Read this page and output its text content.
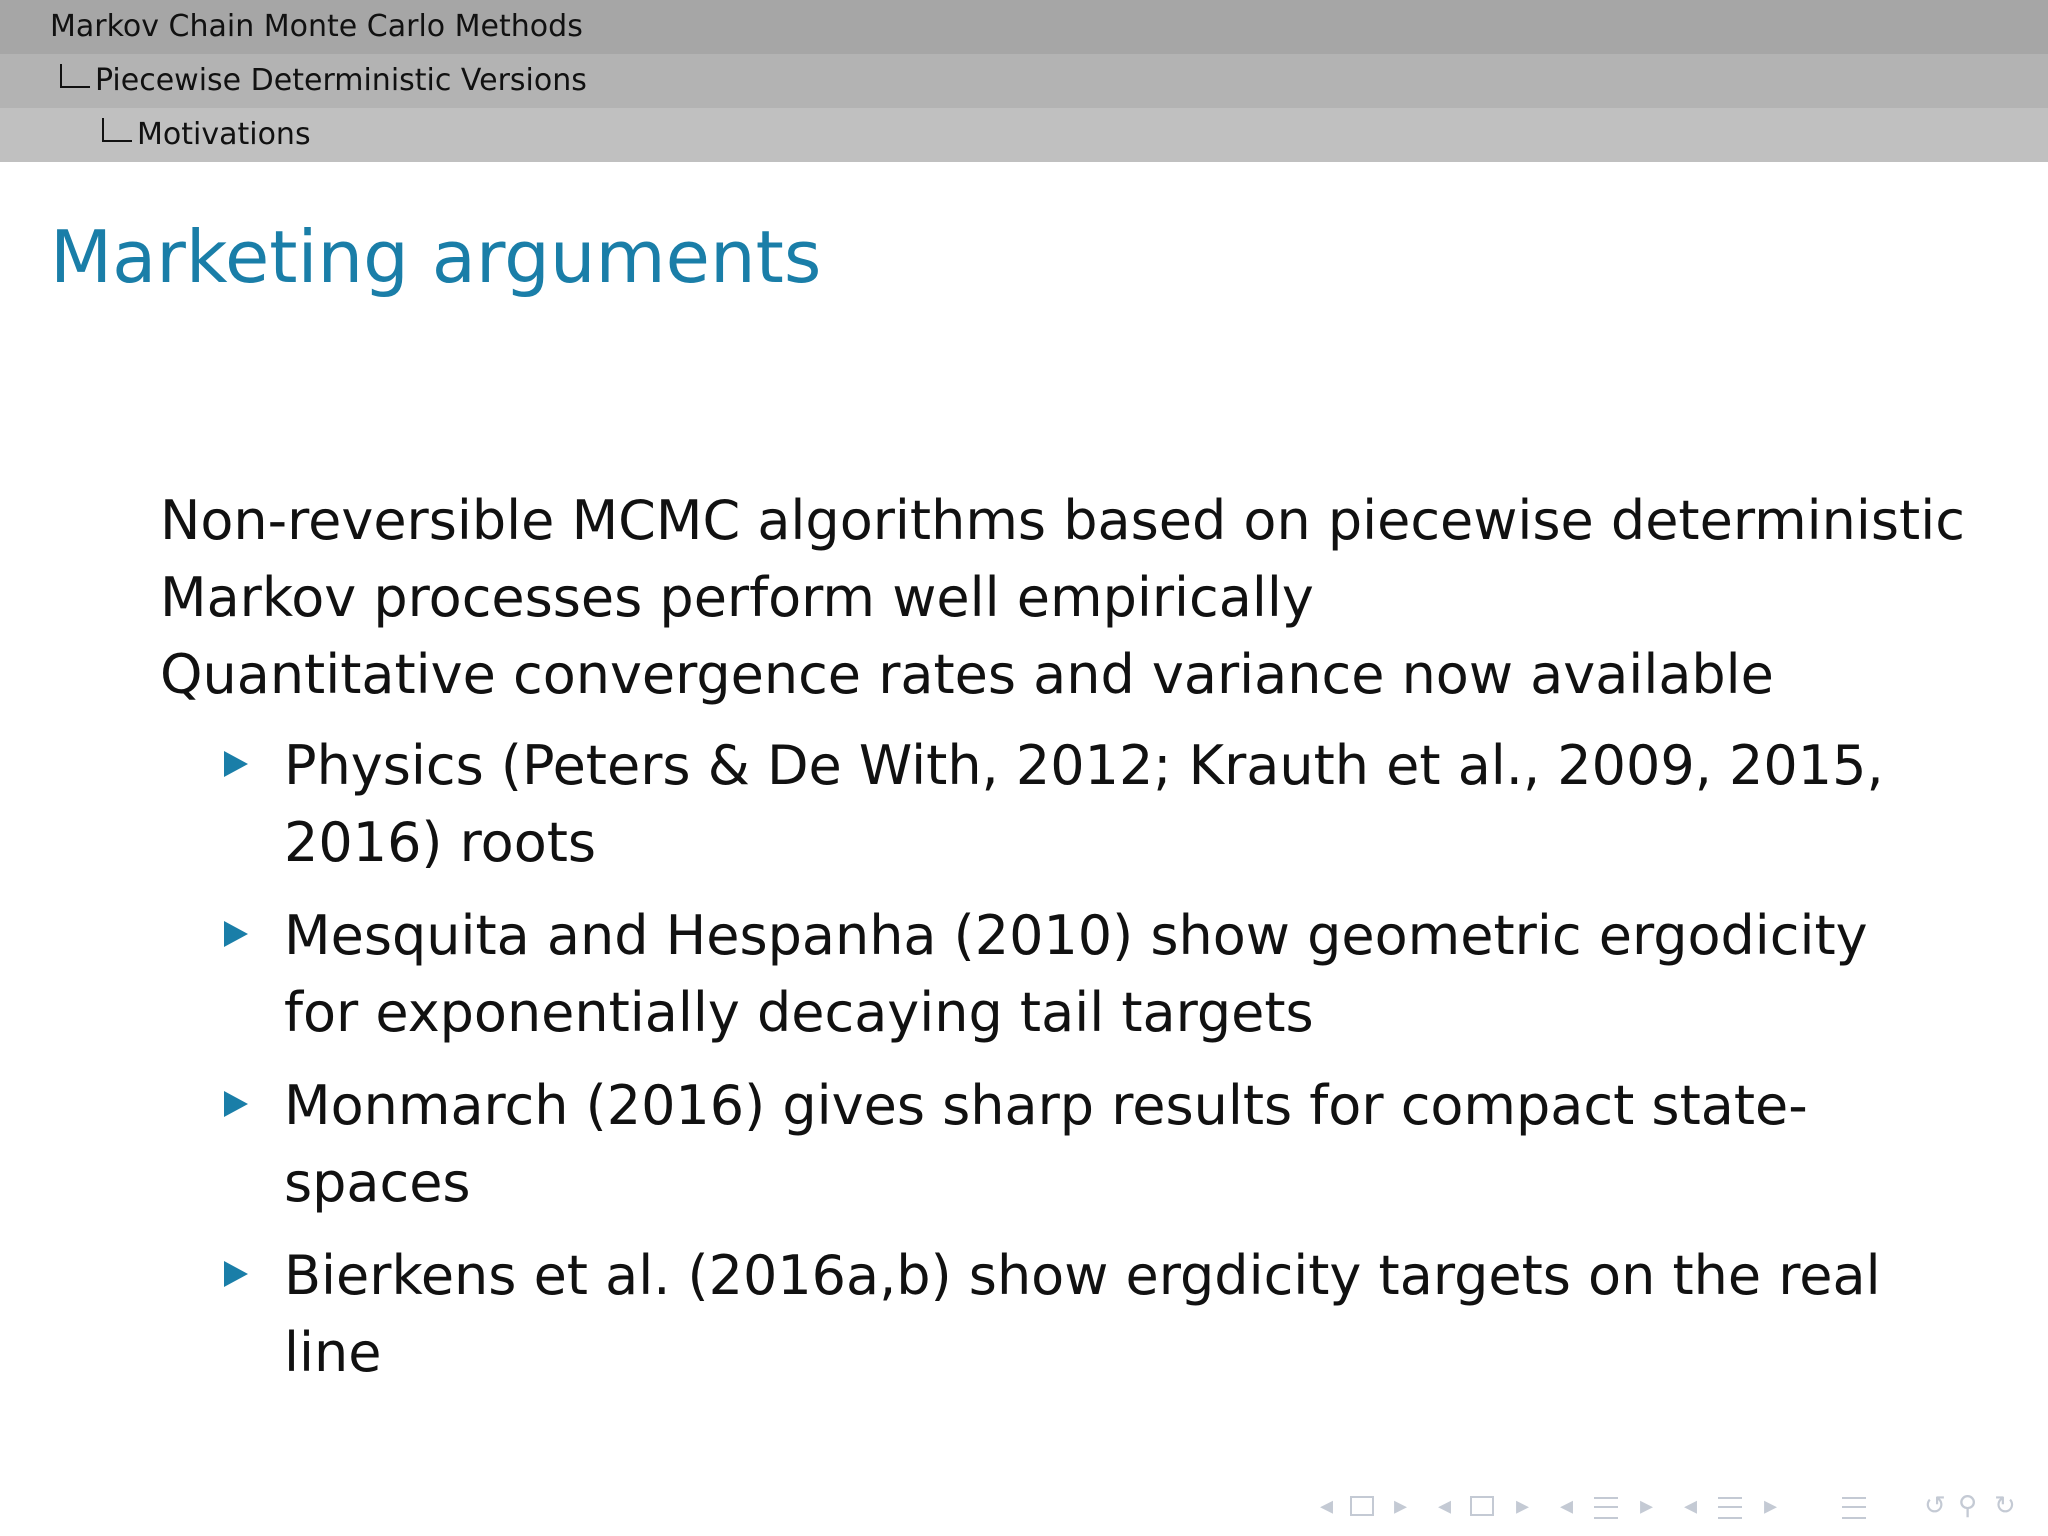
Markov Chain Monte Carlo Methods
Piecewise Deterministic Versions
Motivations
Marketing arguments
Non-reversible MCMC algorithms based on piecewise deterministic
Markov processes perform well empirically
Quantitative convergence rates and variance now available
Physics (Peters & De With, 2012; Krauth et al., 2009, 2015, 2016) roots
Mesquita and Hespanha (2010) show geometric ergodicity for exponentially decaying tail targets
Monmarch (2016) gives sharp results for compact state-spaces
Bierkens et al. (2016a,b) show ergdicity targets on the real line
◂ ▸ ◂ ▸ ◂	▸ ◂	▸	↺ ⚲ ↻
